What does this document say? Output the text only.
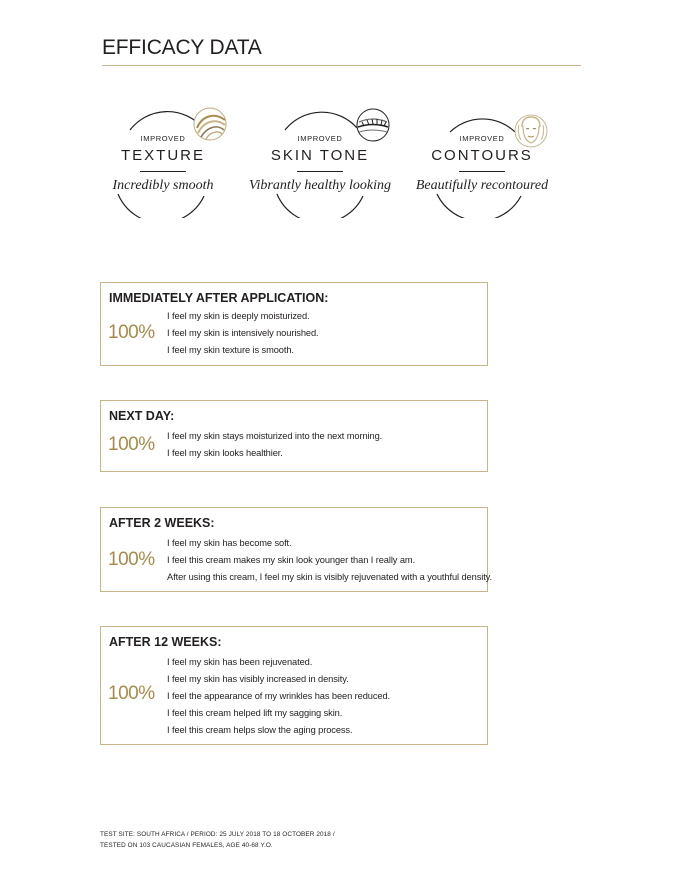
EFFICACY DATA
IMPROVED
TEXTURE
Incredibly smooth
IMPROVED
SKIN TONE
Vibrantly healthy looking
IMPROVED
CONTOURS
Beautifully recontoured
IMMEDIATELY AFTER APPLICATION:
100%
I feel my skin is deeply moisturized.
I feel my skin is intensively nourished.
I feel my skin texture is smooth.
NEXT DAY:
100% I feel my skin stays moisturized into the next morning.
I feel my skin looks healthier.
AFTER 2 WEEKS:
100%
I feel my skin has become soft.
I feel this cream makes my skin look younger than I really am.
After using this cream, I feel my skin is visibly rejuvenated with a youthful density.
AFTER 12 WEEKS:
100%
I feel my skin has been rejuvenated.
I feel my skin has visibly increased in density.
I feel the appearance of my wrinkles has been reduced.
I feel this cream helped lift my sagging skin.
I feel this cream helps slow the aging process.
TEST SITE: SOUTH AFRICA / PERIOD: 25 JULY 2018 TO 18 OCTOBER 2018 /
TESTED ON 103 CAUCASIAN FEMALES, AGE 40-68 Y.O.
